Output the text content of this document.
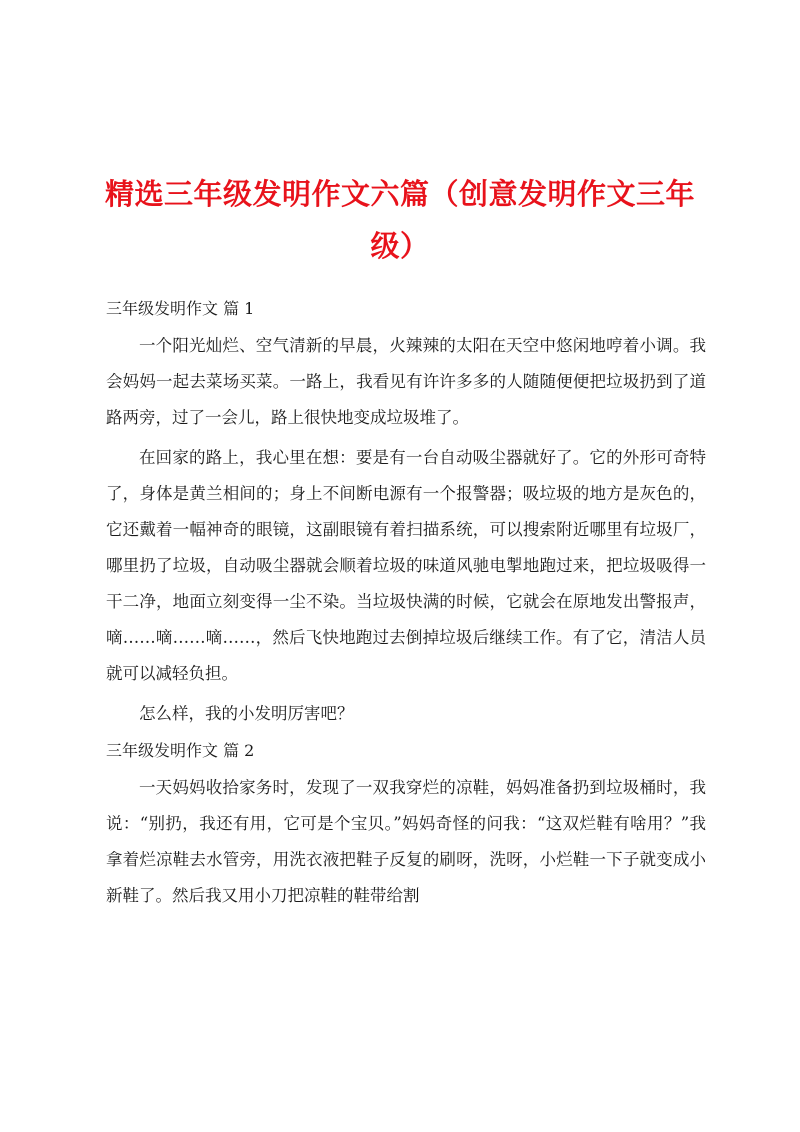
精选三年级发明作文六篇（创意发明作文三年级）
三年级发明作文 篇 1

一个阳光灿烂、空气清新的早晨，火辣辣的太阳在天空中悠闲地哼着小调。我会妈妈一起去菜场买菜。一路上，我看见有许许多多的人随随便便把垃圾扔到了道路两旁，过了一会儿，路上很快地变成垃圾堆了。

在回家的路上，我心里在想：要是有一台自动吸尘器就好了。它的外形可奇特了，身体是黄兰相间的；身上不间断电源有一个报警器；吸垃圾的地方是灰色的，它还戴着一幅神奇的眼镜，这副眼镜有着扫描系统，可以搜索附近哪里有垃圾厂，哪里扔了垃圾，自动吸尘器就会顺着垃圾的味道风驰电掣地跑过来，把垃圾吸得一干二净，地面立刻变得一尘不染。当垃圾快满的时候，它就会在原地发出警报声，嘀……嘀……嘀……，然后飞快地跑过去倒掉垃圾后继续工作。有了它，清洁人员就可以减轻负担。

怎么样，我的小发明厉害吧？

三年级发明作文 篇 2

一天妈妈收拾家务时，发现了一双我穿烂的凉鞋，妈妈准备扔到垃圾桶时，我说：“别扔，我还有用，它可是个宝贝。”妈妈奇怪的问我：“这双烂鞋有啥用？”我拿着烂凉鞋去水管旁，用洗衣液把鞋子反复的刷呀，洗呀，小烂鞋一下子就变成小新鞋了。然后我又用小刀把凉鞋的鞋带给割
